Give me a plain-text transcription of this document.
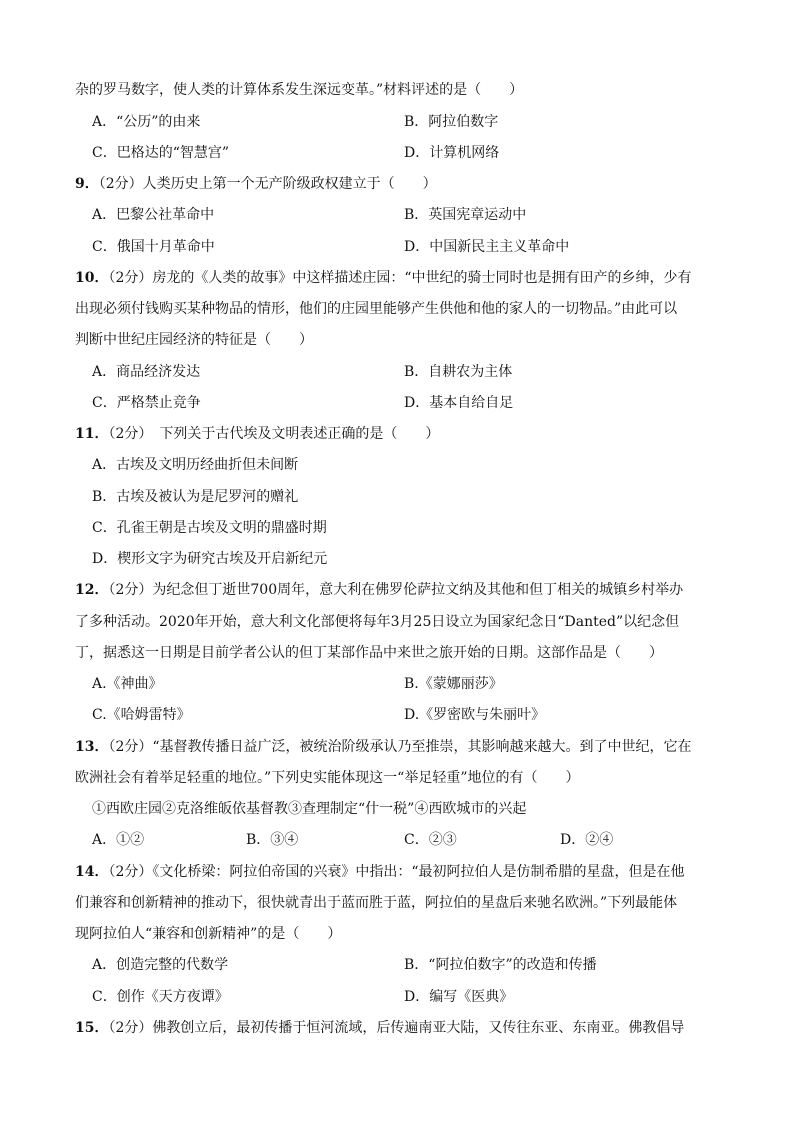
杂的罗马数字，使人类的计算体系发生深远变革。”材料评述的是（　　）
A．“公历”的由来	B．阿拉伯数字
C．巴格达的“智慧宫”	D．计算机网络
9．（2分）人类历史上第一个无产阶级政权建立于（　　）
A．巴黎公社革命中	B．英国宪章运动中
C．俄国十月革命中	D．中国新民主主义革命中
10．（2分）房龙的《人类的故事》中这样描述庄园：“中世纪的骑士同时也是拥有田产的乡绅，少有
出现必须付钱购买某种物品的情形，他们的庄园里能够产生供他和他的家人的一切物品。”由此可以
判断中世纪庄园经济的特征是（　　）
A．商品经济发达	B．自耕农为主体
C．严格禁止竞争	D．基本自给自足
11．（2分）　下列关于古代埃及文明表述正确的是（　　）
A．古埃及文明历经曲折但未间断
B．古埃及被认为是尼罗河的赠礼
C．孔雀王朝是古埃及文明的鼎盛时期
D．楔形文字为研究古埃及开启新纪元
12．（2分）为纪念但丁逝世700周年，意大利在佛罗伦萨拉文纳及其他和但丁相关的城镇乡村举办
了多种活动。2020年开始，意大利文化部便将每年3月25日设立为国家纪念日“Danted”以纪念但
丁，据悉这一日期是目前学者公认的但丁某部作品中来世之旅开始的日期。这部作品是（　　）
A.《神曲》	B.《蒙娜丽莎》
C.《哈姆雷特》	D.《罗密欧与朱丽叶》
13．（2分）“基督教传播日益广泛，被统治阶级承认乃至推崇，其影响越来越大。到了中世纪，它在
欧洲社会有着举足轻重的地位。”下列史实能体现这一“举足轻重”地位的有（　　）
①西欧庄园②克洛维皈依基督教③查理制定“什一税”④西欧城市的兴起
A．①②	B．③④	C．②③	D．②④
14．（2分）《文化桥梁：阿拉伯帝国的兴衰》中指出：“最初阿拉伯人是仿制希腊的星盘，但是在他
们兼容和创新精神的推动下，很快就青出于蓝而胜于蓝，阿拉伯的星盘后来驰名欧洲。”下列最能体
现阿拉伯人“兼容和创新精神”的是（　　）
A．创造完整的代数学	B．“阿拉伯数字”的改造和传播
C．创作《天方夜谭》	D．编写《医典》
15．（2分）佛教创立后，最初传播于恒河流域，后传遍南亚大陆，又传往东亚、东南亚。佛教倡导
